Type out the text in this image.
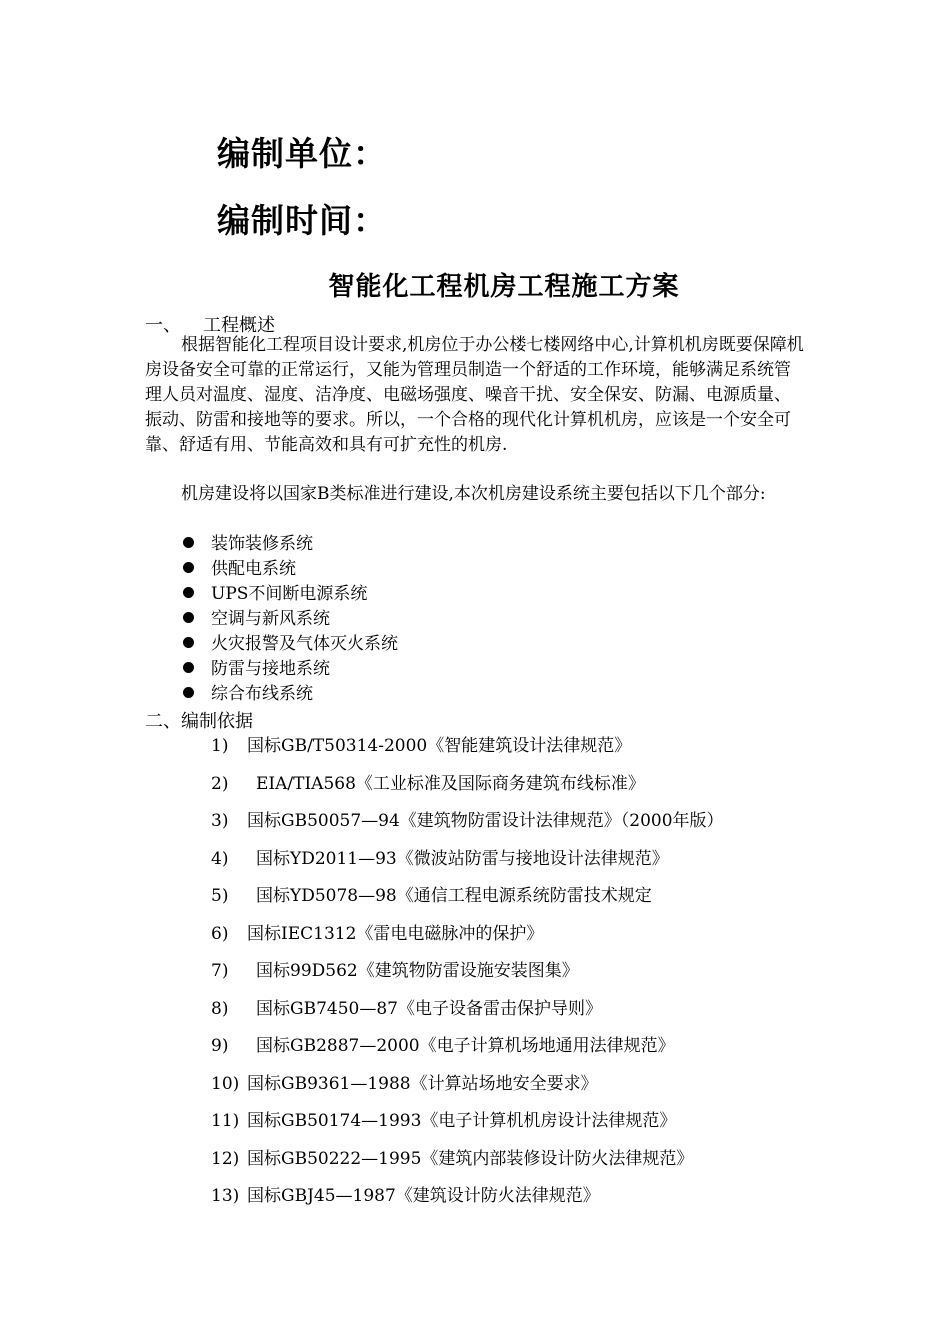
编制单位：
编制时间：
智能化工程机房工程施工方案
一、 工程概述
根据智能化工程项目设计要求,机房位于办公楼七楼网络中心,计算机机房既要保障机房设备安全可靠的正常运行，又能为管理员制造一个舒适的工作环境，能够满足系统管理人员对温度、湿度、洁净度、电磁场强度、噪音干扰、安全保安、防漏、电源质量、振动、防雷和接地等的要求。所以，一个合格的现代化计算机机房，应该是一个安全可靠、舒适有用、节能高效和具有可扩充性的机房.
机房建设将以国家B类标准进行建设,本次机房建设系统主要包括以下几个部分:
装饰装修系统
供配电系统
UPS不间断电源系统
空调与新风系统
火灾报警及气体灭火系统
防雷与接地系统
综合布线系统
二、编制依据
1) 国标GB/T50314-2000《智能建筑设计法律规范》
2) EIA/TIA568《工业标准及国际商务建筑布线标准》
3) 国标GB50057—94《建筑物防雷设计法律规范》（2000年版）
4) 国标YD2011—93《微波站防雷与接地设计法律规范》
5) 国标YD5078—98《通信工程电源系统防雷技术规定
6) 国标IEC1312《雷电电磁脉冲的保护》
7) 国标99D562《建筑物防雷设施安装图集》
8) 国标GB7450—87《电子设备雷击保护导则》
9) 国标GB2887—2000《电子计算机场地通用法律规范》
10) 国标GB9361—1988《计算站场地安全要求》
11) 国标GB50174—1993《电子计算机机房设计法律规范》
12) 国标GB50222—1995《建筑内部装修设计防火法律规范》
13) 国标GBJ45—1987《建筑设计防火法律规范》
